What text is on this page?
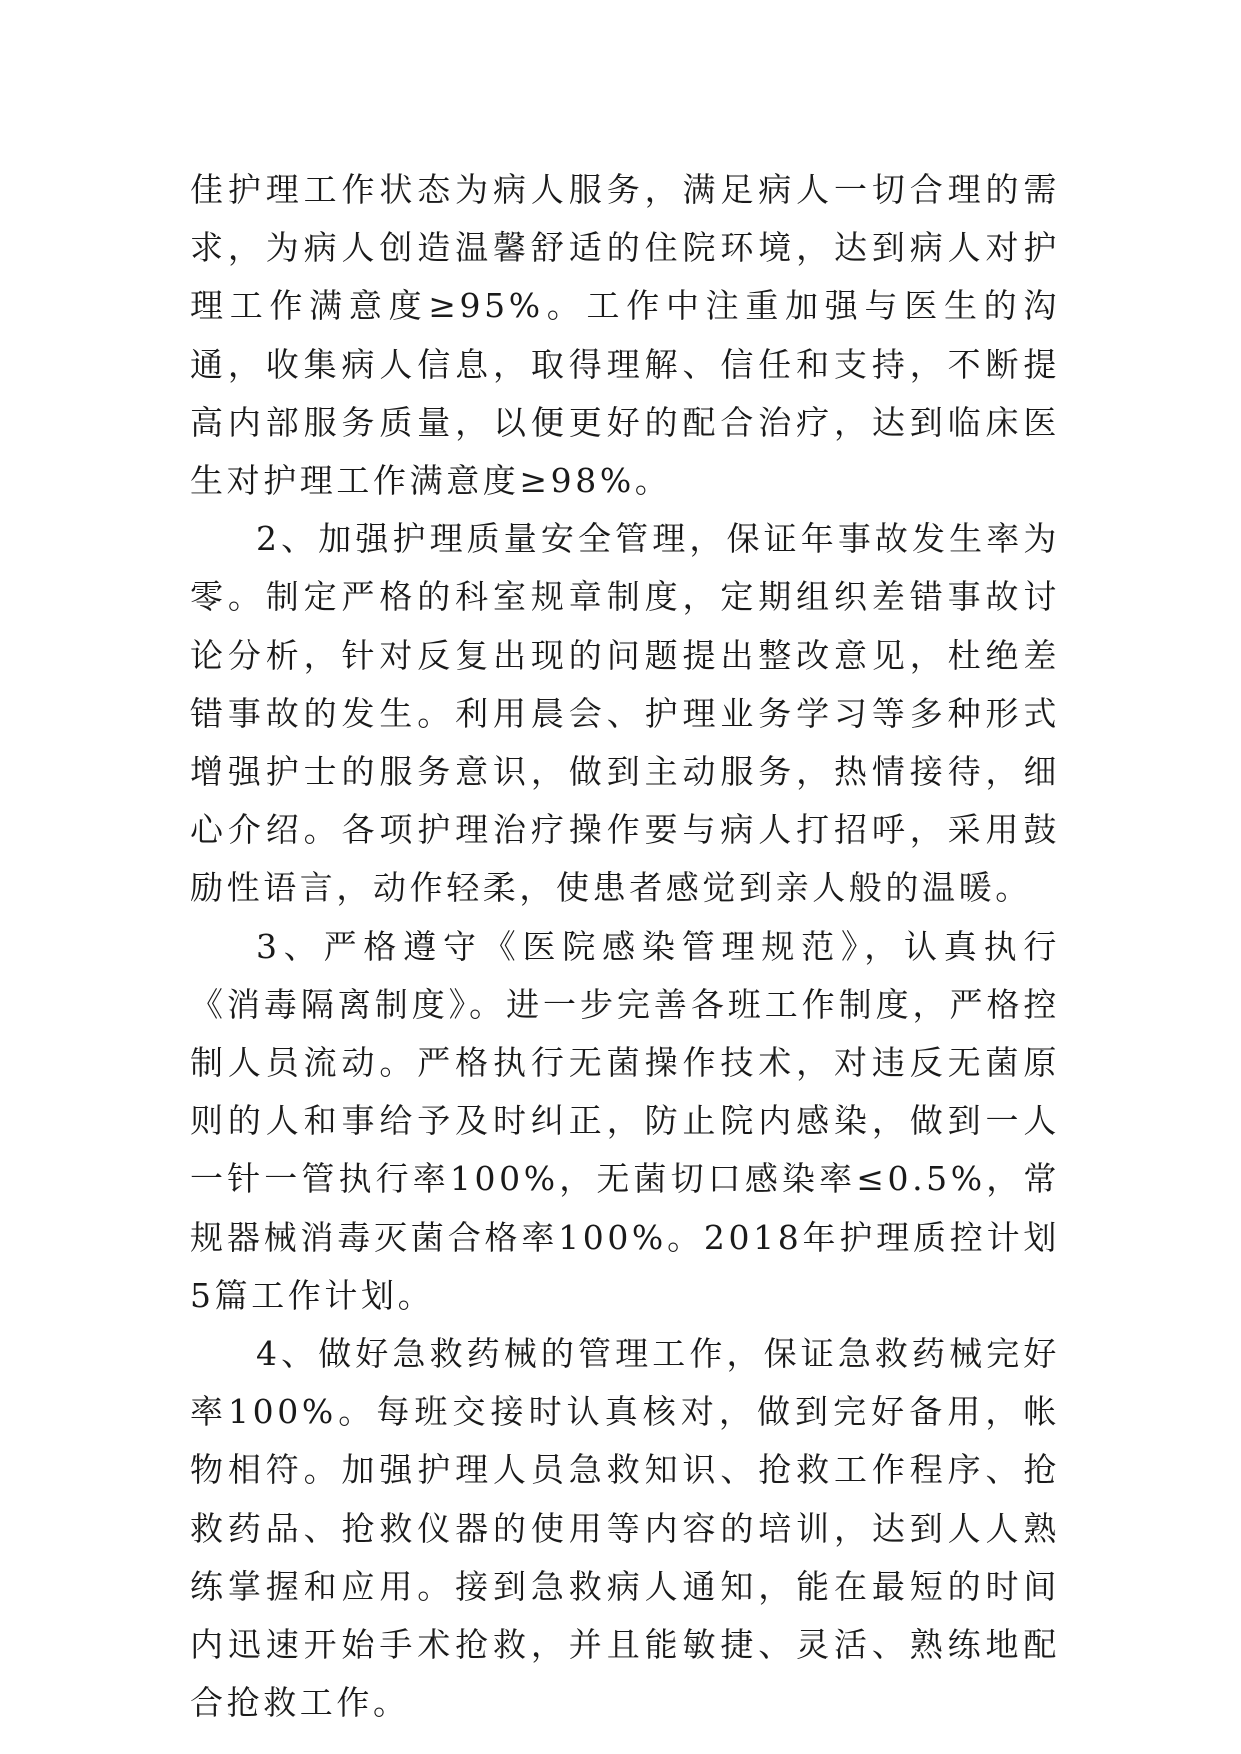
佳护理工作状态为病人服务，满足病人一切合理的需求，为病人创造温馨舒适的住院环境，达到病人对护理工作满意度≥95%。工作中注重加强与医生的沟通，收集病人信息，取得理解、信任和支持，不断提高内部服务质量，以便更好的配合治疗，达到临床医生对护理工作满意度≥98%。

2、加强护理质量安全管理，保证年事故发生率为零。制定严格的科室规章制度，定期组织差错事故讨论分析，针对反复出现的问题提出整改意见，杜绝差错事故的发生。利用晨会、护理业务学习等多种形式增强护士的服务意识，做到主动服务，热情接待，细心介绍。各项护理治疗操作要与病人打招呼，采用鼓励性语言，动作轻柔，使患者感觉到亲人般的温暖。

3、严格遵守《医院感染管理规范》，认真执行《消毒隔离制度》。进一步完善各班工作制度，严格控制人员流动。严格执行无菌操作技术，对违反无菌原则的人和事给予及时纠正，防止院内感染，做到一人一针一管执行率100%，无菌切口感染率≤0.5%，常规器械消毒灭菌合格率100%。2018年护理质控计划5篇工作计划。

4、做好急救药械的管理工作，保证急救药械完好率100%。每班交接时认真核对，做到完好备用，帐物相符。加强护理人员急救知识、抢救工作程序、抢救药品、抢救仪器的使用等内容的培训，达到人人熟练掌握和应用。接到急救病人通知，能在最短的时间内迅速开始手术抢救，并且能敏捷、灵活、熟练地配合抢救工作。
